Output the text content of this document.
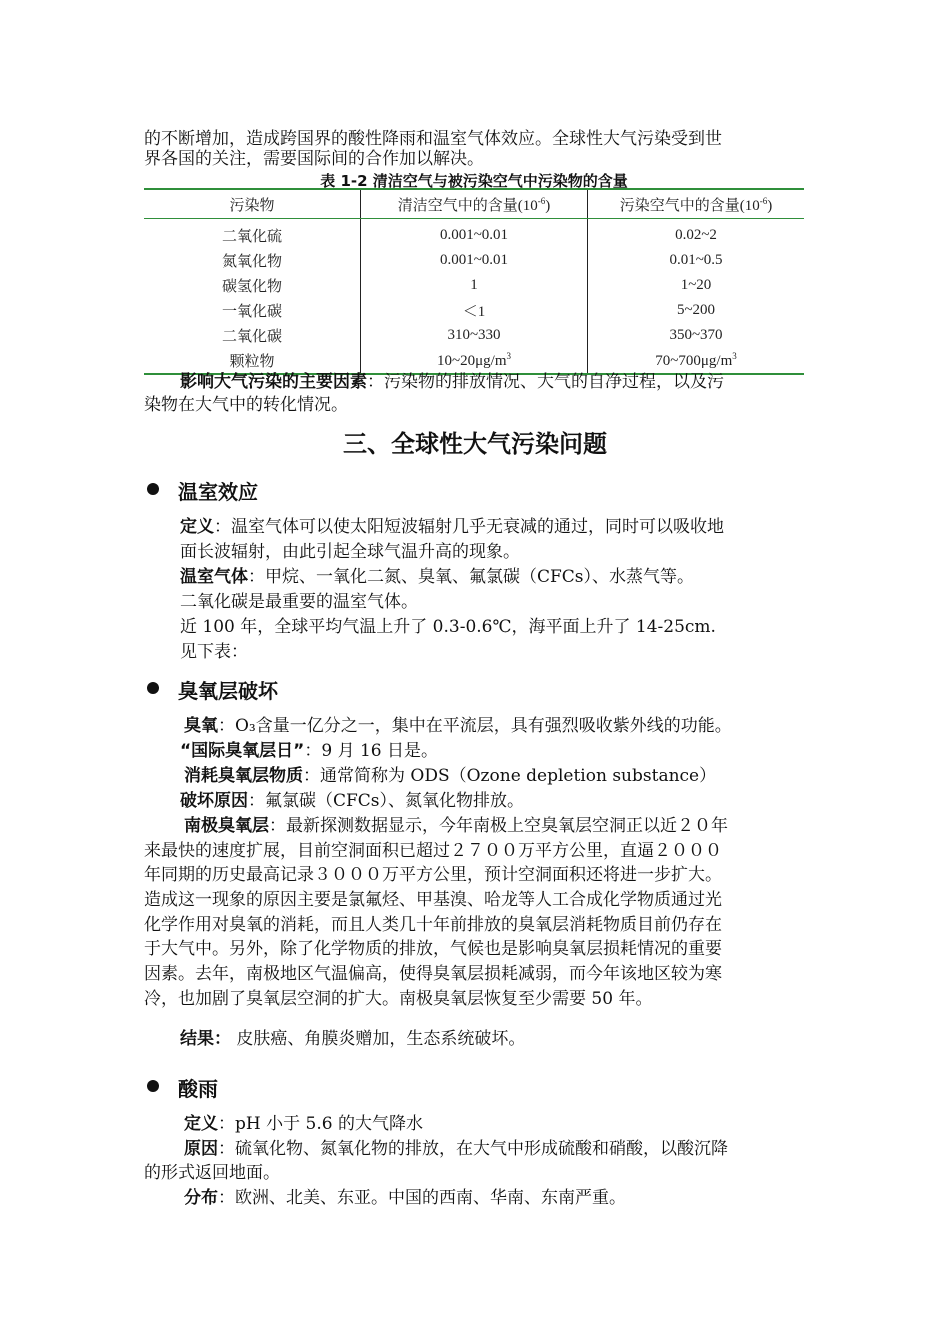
的不断增加，造成跨国界的酸性降雨和温室气体效应。全球性大气污染受到世
界各国的关注，需要国际间的合作加以解决。
表 1-2 清洁空气与被污染空气中污染物的含量
污染物	清洁空气中的含量$(10^{-6})$	污染空气中的含量$(10^{-6})$
二氧化硫	0.001~0.01	0.02~2
氮氧化物	0.001~0.01	0.01~0.5
碳氢化物	1	1~20
一氧化碳	＜1	5~200
二氧化碳	310~330	350~370
颗粒物	$10\sim 20\mu g/m^3$	$70\sim 700\mu g/m^3$
影响大气污染的主要因素：污染物的排放情况、大气的自净过程，以及污
染物在大气中的转化情况。
三、全球性大气污染问题
温室效应
定义：温室气体可以使太阳短波辐射几乎无衰减的通过，同时可以吸收地
面长波辐射，由此引起全球气温升高的现象。
温室气体：甲烷、一氧化二氮、臭氧、氟氯碳（CFCs）、水蒸气等。
二氧化碳是最重要的温室气体。
近 100 年，全球平均气温上升了 0.3-0.6℃，海平面上升了 14-25cm.
见下表：
臭氧层破坏
臭氧：O₃含量一亿分之一，集中在平流层，具有强烈吸收紫外线的功能。
“国际臭氧层日”：9 月 16 日是。
消耗臭氧层物质：通常简称为 ODS（Ozone depletion substance）
破坏原因：氟氯碳（CFCs）、氮氧化物排放。
南极臭氧层：最新探测数据显示，今年南极上空臭氧层空洞正以近２０年
来最快的速度扩展，目前空洞面积已超过２７００万平方公里，直逼２０００
年同期的历史最高记录３０００万平方公里，预计空洞面积还将进一步扩大。
造成这一现象的原因主要是氯氟烃、甲基溴、哈龙等人工合成化学物质通过光
化学作用对臭氧的消耗，而且人类几十年前排放的臭氧层消耗物质目前仍存在
于大气中。另外，除了化学物质的排放，气候也是影响臭氧层损耗情况的重要
因素。去年，南极地区气温偏高，使得臭氧层损耗减弱，而今年该地区较为寒
冷，也加剧了臭氧层空洞的扩大。南极臭氧层恢复至少需要 50 年。
结果： 皮肤癌、角膜炎赠加，生态系统破坏。
酸雨
定义：pH 小于 5.6 的大气降水
原因：硫氧化物、氮氧化物的排放，在大气中形成硫酸和硝酸，以酸沉降
的形式返回地面。
分布：欧洲、北美、东亚。中国的西南、华南、东南严重。
